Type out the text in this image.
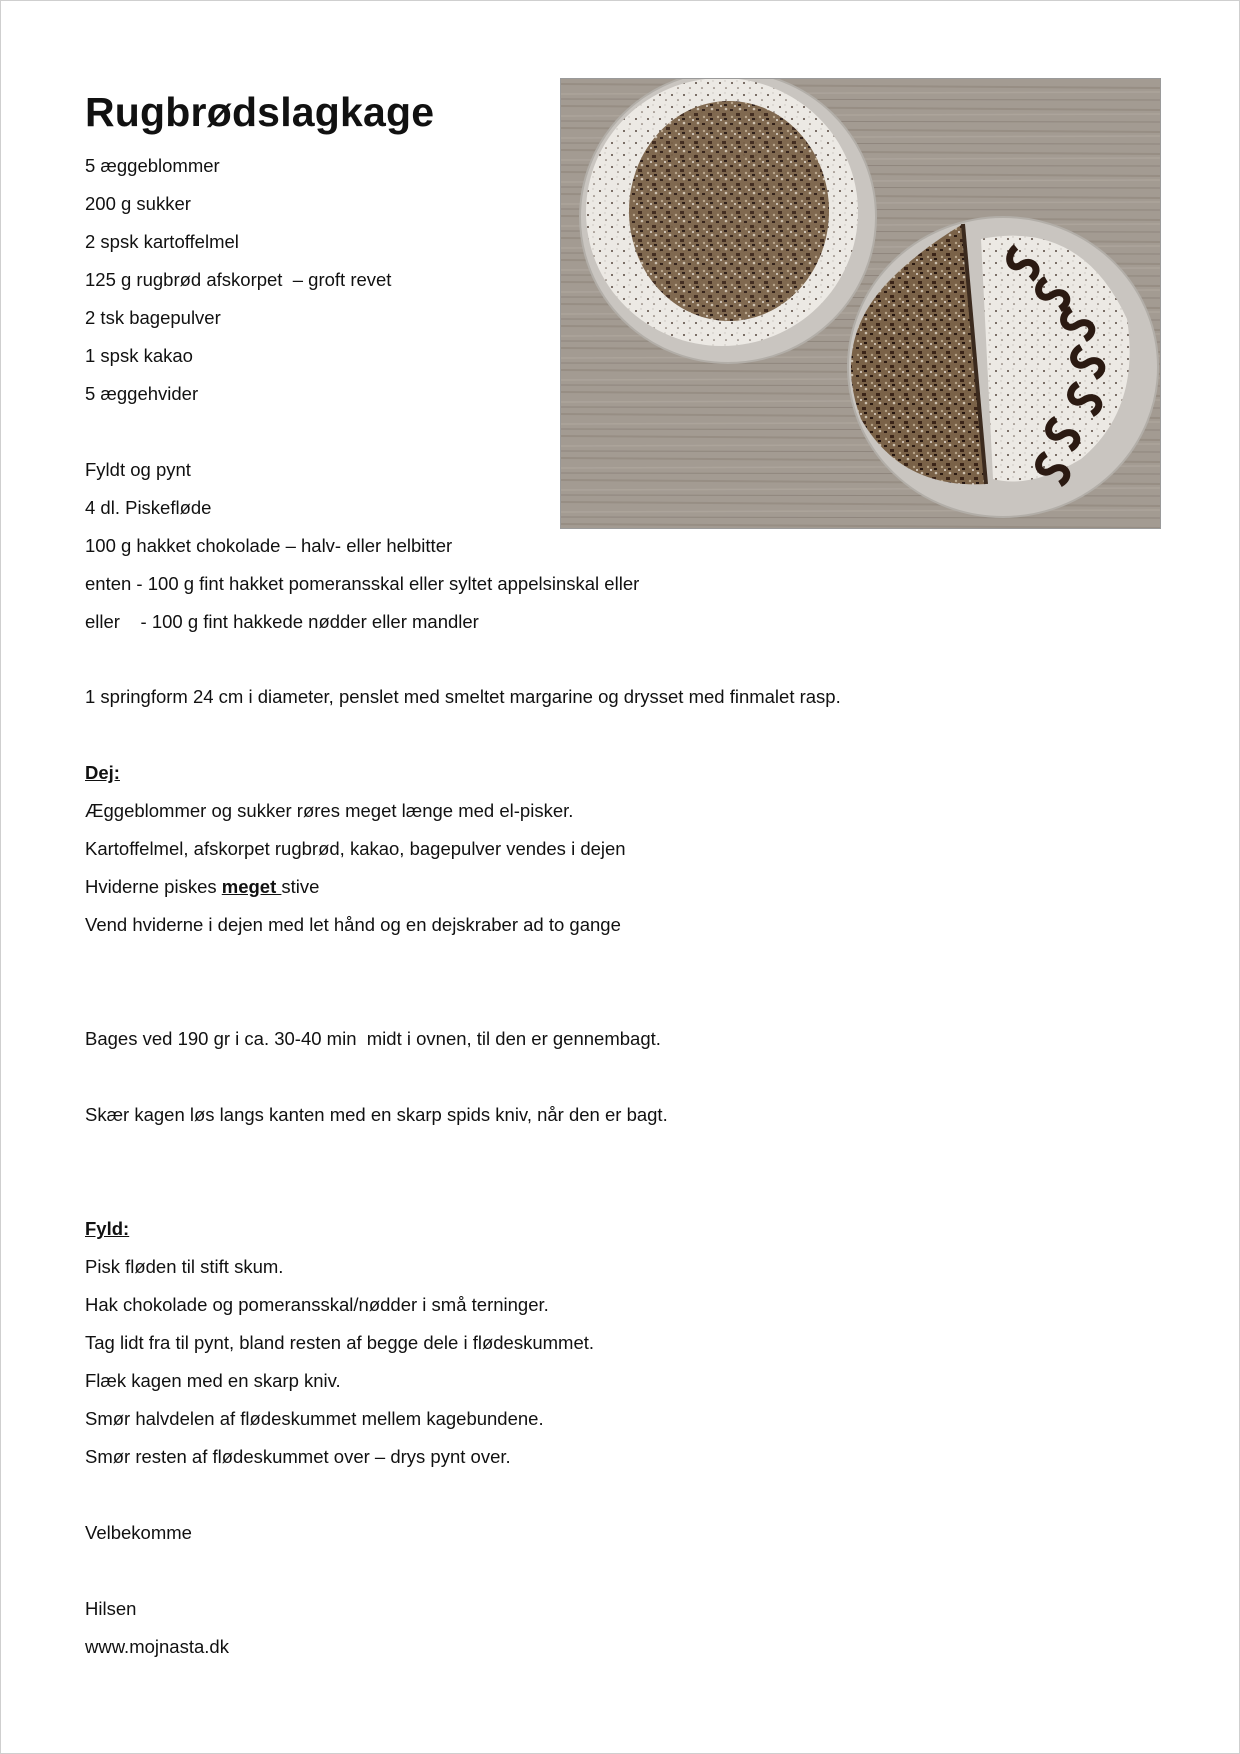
Rugbrødslagkage

5 æggeblommer

200 g sukker

2 spsk kartoffelmel

125 g rugbrød afskorpet  – groft revet

2 tsk bagepulver

1 spsk kakao

5 æggehvider

Fyldt og pynt

4 dl. Piskefløde

100 g hakket chokolade – halv- eller helbitter

enten - 100 g fint hakket pomeransskal eller syltet appelsinskal eller

eller    - 100 g fint hakkede nødder eller mandler

1 springform 24 cm i diameter, penslet med smeltet margarine og drysset med finmalet rasp.

Dej:

Æggeblommer og sukker røres meget længe med el-pisker.

Kartoffelmel, afskorpet rugbrød, kakao, bagepulver vendes i dejen

Hviderne piskes meget stive

Vend hviderne i dejen med let hånd og en dejskraber ad to gange

Bages ved 190 gr i ca. 30-40 min  midt i ovnen, til den er gennembagt.

Skær kagen løs langs kanten med en skarp spids kniv, når den er bagt.

Fyld:

Pisk fløden til stift skum.

Hak chokolade og pomeransskal/nødder i små terninger.

Tag lidt fra til pynt, bland resten af begge dele i flødeskummet.

Flæk kagen med en skarp kniv.

Smør halvdelen af flødeskummet mellem kagebundene.

Smør resten af flødeskummet over – drys pynt over.

Velbekomme

Hilsen

www.mojnasta.dk
